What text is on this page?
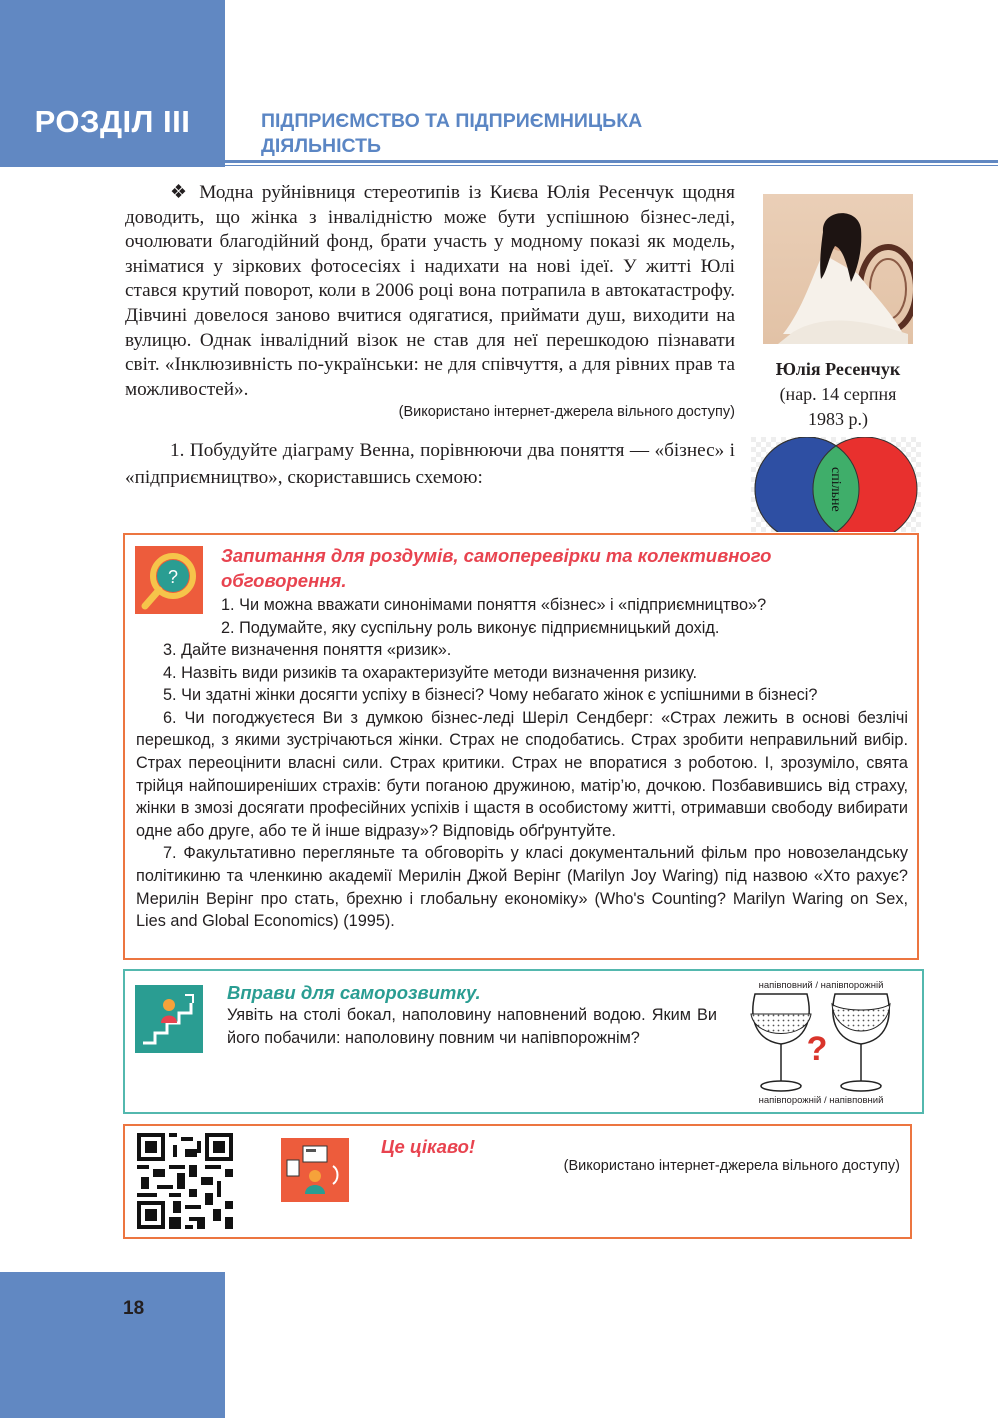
РОЗДІЛ ІІІ	ПІДПРИЄМСТВО ТА ПІДПРИЄМНИЦЬКА
ДІЯЛЬНІСТЬ

❖ Модна руйнівниця стереотипів із Києва Юлія Ресенчук щодня доводить, що жінка з інвалідністю може бути успішною бізнес-леді, очолювати благодійний фонд, брати участь у модному показі як модель, зніматися у зіркових фотосесіях і надихати на нові ідеї. У житті Юлі стався крутий поворот, коли в 2006 році вона потрапила в автокатастрофу. Дівчині довелося заново вчитися одягатися, приймати душ, виходити на вулицю. Однак інвалідний візок не став для неї перешкодою пізнавати світ. «Інклюзивність по-українськи: не для співчуття, а для рівних прав та можливостей».

(Використано інтернет-джерела вільного доступу)
Юлія Ресенчук
(нар. 14 серпня
1983 р.)

1. Побудуйте діаграму Венна, порівнюючи два поняття — «бізнес» і «підприємництво», скориставшись схемою:	спільне
?
Запитання для роздумів, самоперевірки та колективного обговорення.
1. Чи можна вважати синонімами поняття «бізнес» і «підприємництво»?
2. Подумайте, яку суспільну роль виконує підприємницький дохід.

3. Дайте визначення поняття «ризик».

4. Назвіть види ризиків та охарактеризуйте методи визначення ризику.

5. Чи здатні жінки досягти успіху в бізнесі? Чому небагато жінок є успішними в бізнесі?

6. Чи погоджуєтеся Ви з думкою бізнес-леді Шеріл Сендберг: «Страх лежить в основі безлічі перешкод, з якими зустрічаються жінки. Страх не сподобатись. Страх зробити неправильний вибір. Страх переоцінити власні сили. Страх критики. Страх не впоратися з роботою. І, зрозуміло, свята трійця найпоширеніших страхів: бути поганою дружиною, матір’ю, дочкою. Позбавившись від страху, жінки в змозі досягати професійних успіхів і щастя в особистому житті, отримавши свободу вибирати одне або друге, або те й інше відразу»? Відповідь обґрунтуйте.

7. Факультативно перегляньте та обговоріть у класі документальний фільм про новозеландську політикиню та членкиню академії Мерилін Джой Верінг (Marilyn Joy Waring) під назвою «Хто рахує? Мерилін Верінг про стать, брехню і глобальну економіку» (Who's Counting? Marilyn Waring on Sex, Lies and Global Economics) (1995).

Вправи для саморозвитку.
Уявіть на столі бокал, наполовину наповнений водою. Яким Ви його побачили: наполовину повним чи напівпорожнім?
напівповний / напівпорожній
?
напівпорожній / напівповний
Це цікаво!
(Використано інтернет-джерела вільного доступу)
18
